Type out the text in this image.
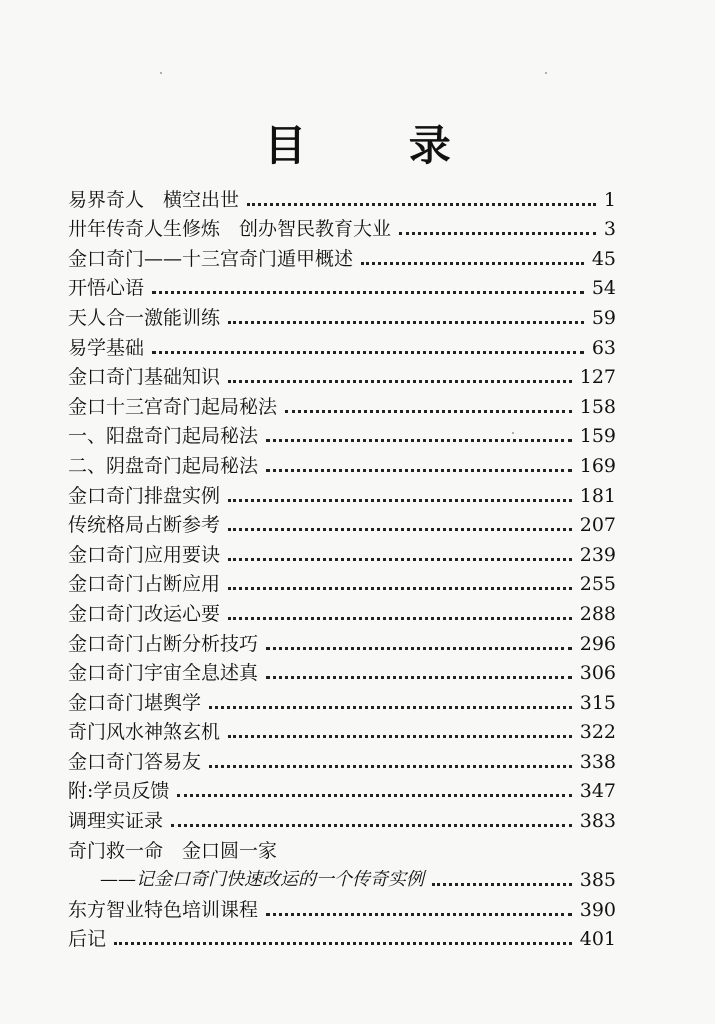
目 录
易界奇人　横空出世	1
卅年传奇人生修炼　创办智民教育大业	3
金口奇门——十三宫奇门遁甲概述	45
开悟心语	54
天人合一激能训练	59
易学基础	63
金口奇门基础知识	127
金口十三宫奇门起局秘法	158
一、阳盘奇门起局秘法	159
二、阴盘奇门起局秘法	169
金口奇门排盘实例	181
传统格局占断参考	207
金口奇门应用要诀	239
金口奇门占断应用	255
金口奇门改运心要	288
金口奇门占断分析技巧	296
金口奇门宇宙全息述真	306
金口奇门堪舆学	315
奇门风水神煞玄机	322
金口奇门答易友	338
附:学员反馈	347
调理实证录	383
奇门救一命　金口圆一家
——记金口奇门快速改运的一个传奇实例	385
东方智业特色培训课程	390
后记	401
